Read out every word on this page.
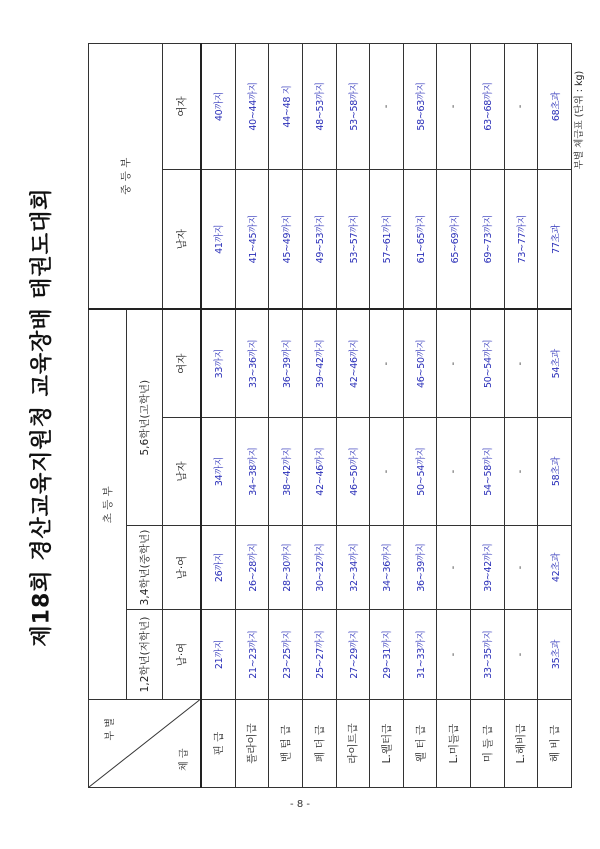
제18회 경산교육지원청 교육장배 태권도대회
부별 체급표 (단위 : kg)
부 별
체 급	초 등 부				중 등 부	
	1,2학년(저학년)	3,4학년(중학년)	5,6학년(고학년)			
	남·여	남·여	남자	여자	남자	여자
핀 급	21까지	26까지	34까지	33까지	41까지	40까지
플라이급	21~23까지	26~28까지	34~38까지	33~36까지	41~45까지	40~44까지
밴 텀 급	23~25까지	28~30까지	38~42까지	36~39까지	45~49까지	44~48 지
페 더 급	25~27까지	30~32까지	42~46까지	39~42까지	49~53까지	48~53까지
라이트급	27~29까지	32~34까지	46~50까지	42~46까지	53~57까지	53~58까지
L.웰터급	29~31까지	34~36까지	-	-	57~61까지	-
웰 터 급	31~33까지	36~39까지	50~54까지	46~50까지	61~65까지	58~63까지
L.미들급	-	-	-	-	65~69까지	-
미 들 급	33~35까지	39~42까지	54~58까지	50~54까지	69~73까지	63~68까지
L.헤비급	-	-	-	-	73~77까지	-
헤 비 급	35초과	42초과	58초과	54초과	77초과	68초과
- 8 -
